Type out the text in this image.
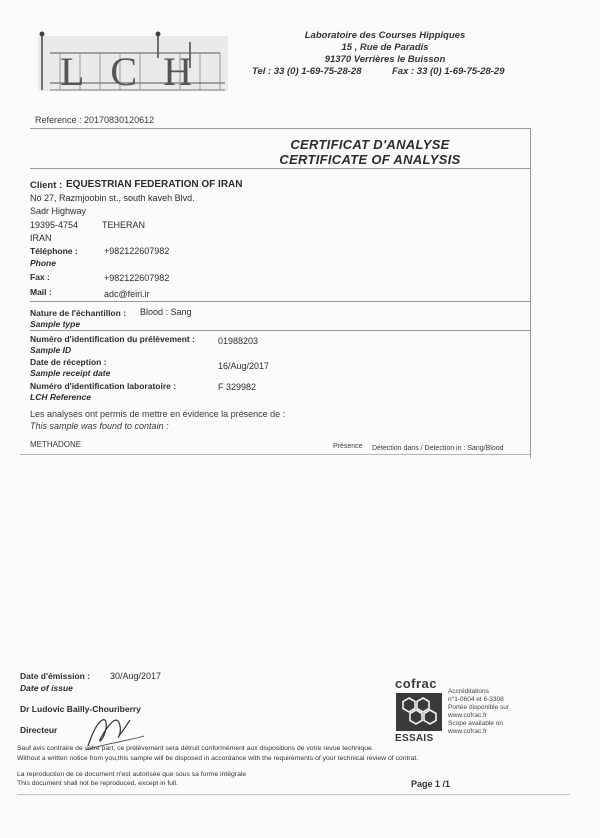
LCH
Laboratoire des Courses Hippiques
15 , Rue de Paradis
91370 Verrières le Buisson
Tel : 33 (0) 1-69-75-28-28	Fax : 33 (0) 1-69-75-28-29
Reference : 20170830120612
CERTIFICAT D'ANALYSE
CERTIFICATE OF ANALYSIS
Client : EQUESTRIAN FEDERATION OF IRAN
No 27, Razmjoobin st., south kaveh Blvd.
Sadr Highway
19395-4754	TEHERAN
IRAN
Téléphone :
Phone
+982122607982
Fax :	+982122607982
Mail :	adc@feiri.ir
Nature de l'échantillon : Blood : Sang
Sample type
Numéro d'identification du prélèvement :
Sample ID
01988203
Date de réception :
Sample receipt date
16/Aug/2017
Numéro d'identification laboratoire :
LCH Reference
F 329982
Les analyses ont permis de mettre en évidence la présence de :
This sample was found to contain :
METHADONE	Présence Détection dans / Detection in : Sang/Blood
Date d'émission :
Date of issue
30/Aug/2017
Dr Ludovic Bailly-Chouriberry
Directeur
cofrac
ESSAIS
Accréditations
n°1-0604 et 6-3308
Portée disponible sur
www.cofrac.fr
Scope available on
www.cofrac.fr
Sauf avis contraire de votre part, ce prélèvement sera détruit conformément aux dispositions de votre revue technique.
Without a written notice from you,this sample will be disposed in accordance with the requirements of your technical review of contrat.
La reproduction de ce document n'est autorisée que sous sa forme intégrale
This document shall not be reproduced, except in full.	Page 1 /1
